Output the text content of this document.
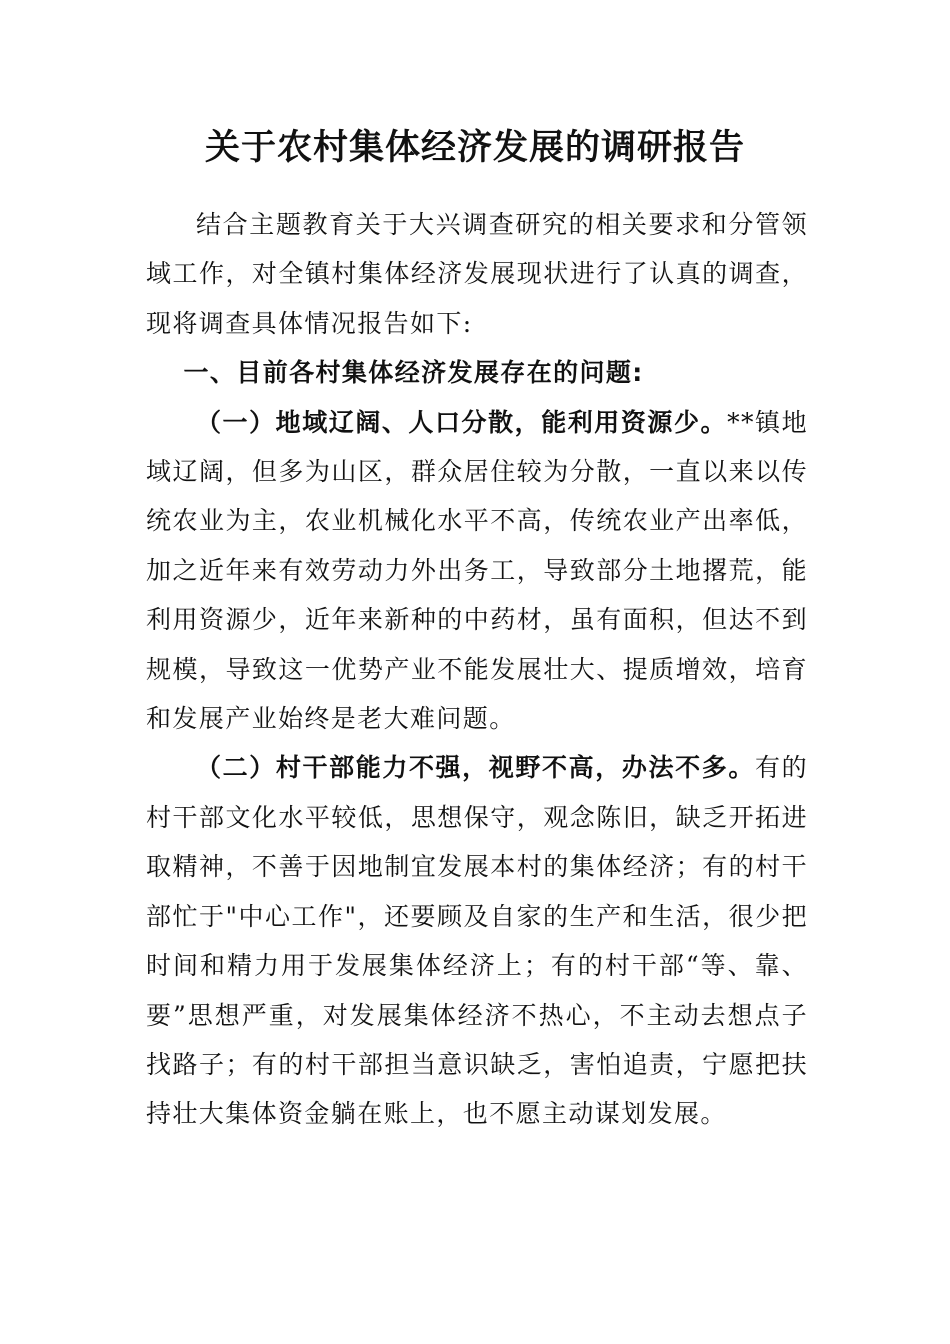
关于农村集体经济发展的调研报告

结合主题教育关于大兴调查研究的相关要求和分管领域工作，对全镇村集体经济发展现状进行了认真的调查，现将调查具体情况报告如下:

一、目前各村集体经济发展存在的问题:

（一）地域辽阔、人口分散，能利用资源少。**镇地域辽阔，但多为山区，群众居住较为分散，一直以来以传统农业为主，农业机械化水平不高，传统农业产出率低，加之近年来有效劳动力外出务工，导致部分土地撂荒，能利用资源少，近年来新种的中药材，虽有面积，但达不到规模，导致这一优势产业不能发展壮大、提质增效，培育和发展产业始终是老大难问题。

（二）村干部能力不强，视野不高，办法不多。有的村干部文化水平较低，思想保守，观念陈旧，缺乏开拓进取精神，不善于因地制宜发展本村的集体经济；有的村干部忙于"中心工作"，还要顾及自家的生产和生活，很少把时间和精力用于发展集体经济上；有的村干部“等、靠、要”思想严重，对发展集体经济不热心，不主动去想点子找路子；有的村干部担当意识缺乏，害怕追责，宁愿把扶持壮大集体资金躺在账上，也不愿主动谋划发展。
